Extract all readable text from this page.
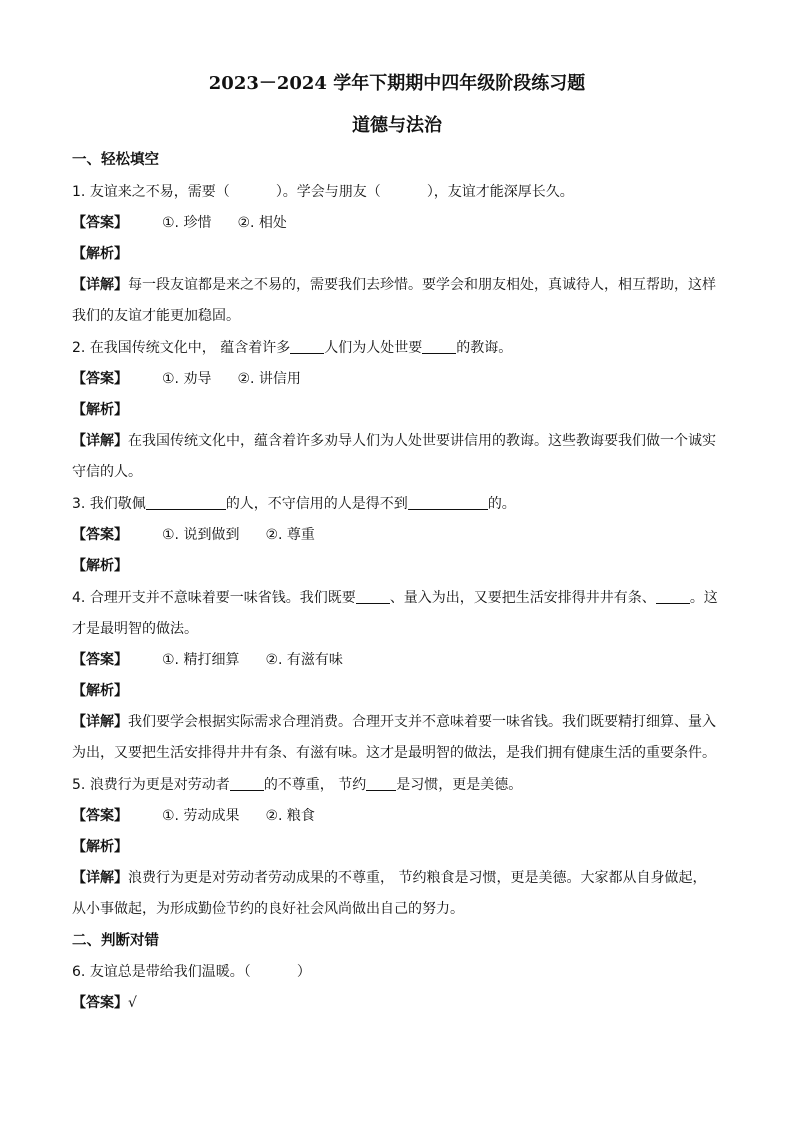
2023－2024 学年下期期中四年级阶段练习题
道德与法治
一、轻松填空
1. 友谊来之不易，需要（	）。学会与朋友（	），友谊才能深厚长久。
【答案】 ①. 珍惜 ②. 相处
【解析】
【详解】每一段友谊都是来之不易的，需要我们去珍惜。要学会和朋友相处，真诚待人，相互帮助，这样
我们的友谊才能更加稳固。
2. 在我国传统文化中， 蕴含着许多 人们为人处世要 的教诲。
【答案】 ①. 劝导 ②. 讲信用
【解析】
【详解】在我国传统文化中，蕴含着许多劝导人们为人处世要讲信用的教诲。这些教诲要我们做一个诚实
守信的人。
3. 我们敬佩	的人，不守信用的人是得不到	的。
【答案】 ①. 说到做到 ②. 尊重
【解析】
4. 合理开支并不意味着要一味省钱。我们既要 、量入为出，又要把生活安排得井井有条、 。这
才是最明智的做法。
【答案】 ①. 精打细算 ②. 有滋有味
【解析】
【详解】我们要学会根据实际需求合理消费。合理开支并不意味着要一味省钱。我们既要精打细算、量入
为出，又要把生活安排得井井有条、有滋有味。这才是最明智的做法，是我们拥有健康生活的重要条件。
5. 浪费行为更是对劳动者 的不尊重， 节约 是习惯，更是美德。
【答案】 ①. 劳动成果 ②. 粮食
【解析】
【详解】浪费行为更是对劳动者劳动成果的不尊重， 节约粮食是习惯，更是美德。大家都从自身做起，
从小事做起，为形成勤俭节约的良好社会风尚做出自己的努力。
二、判断对错
6. 友谊总是带给我们温暖。（	）
【答案】√
